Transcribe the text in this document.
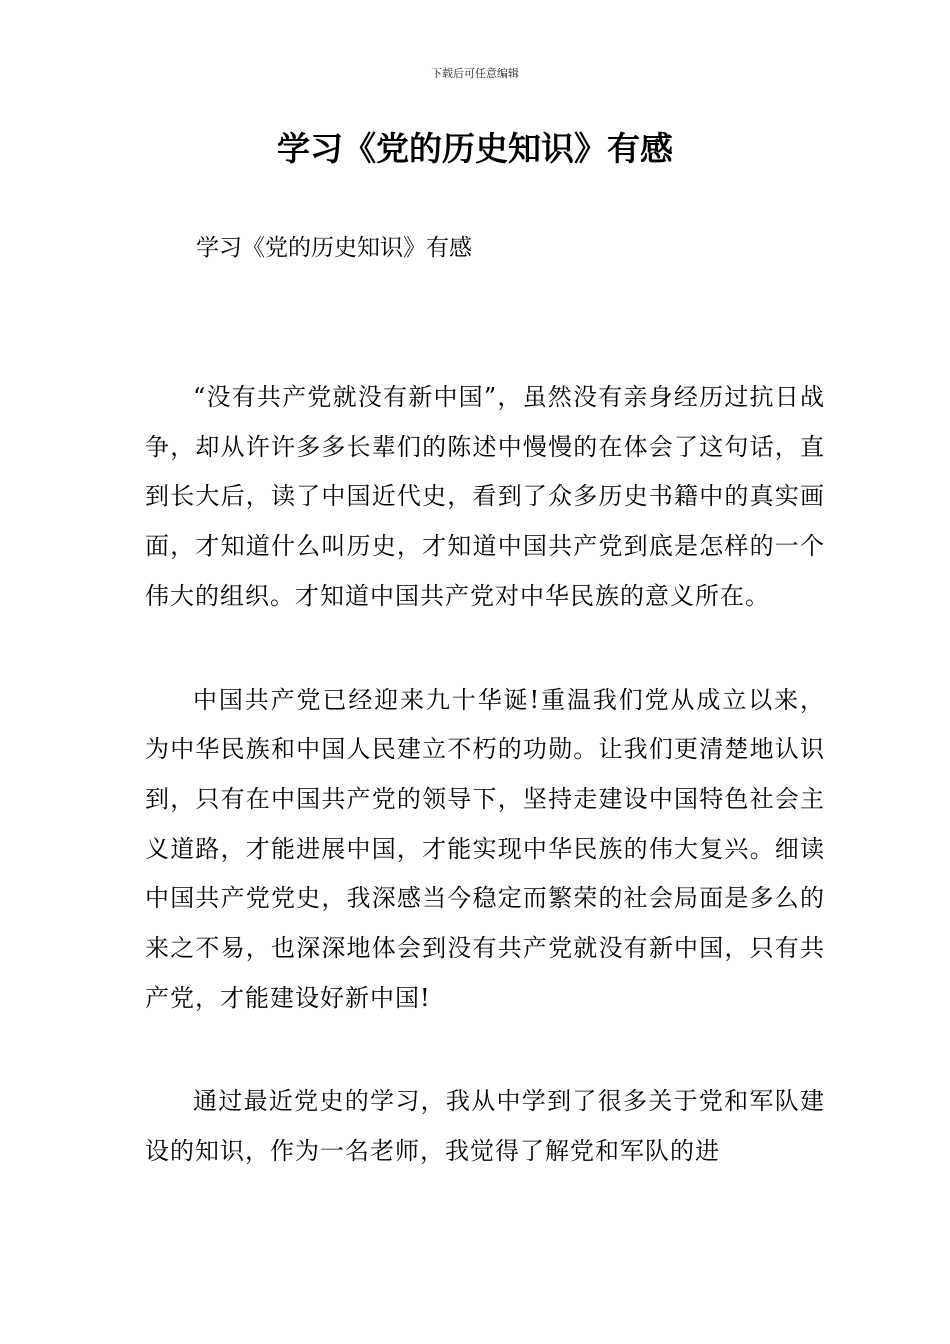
下载后可任意编辑
学习《党的历史知识》有感

学习《党的历史知识》有感

“没有共产党就没有新中国”，虽然没有亲身经历过抗日战争，却从许许多多长辈们的陈述中慢慢的在体会了这句话，直到长大后，读了中国近代史，看到了众多历史书籍中的真实画面，才知道什么叫历史，才知道中国共产党到底是怎样的一个伟大的组织。才知道中国共产党对中华民族的意义所在。

中国共产党已经迎来九十华诞!重温我们党从成立以来，为中华民族和中国人民建立不朽的功勋。让我们更清楚地认识到，只有在中国共产党的领导下，坚持走建设中国特色社会主义道路，才能进展中国，才能实现中华民族的伟大复兴。细读中国共产党党史，我深感当今稳定而繁荣的社会局面是多么的来之不易，也深深地体会到没有共产党就没有新中国，只有共产党，才能建设好新中国!

通过最近党史的学习，我从中学到了很多关于党和军队建设的知识，作为一名老师，我觉得了解党和军队的进
